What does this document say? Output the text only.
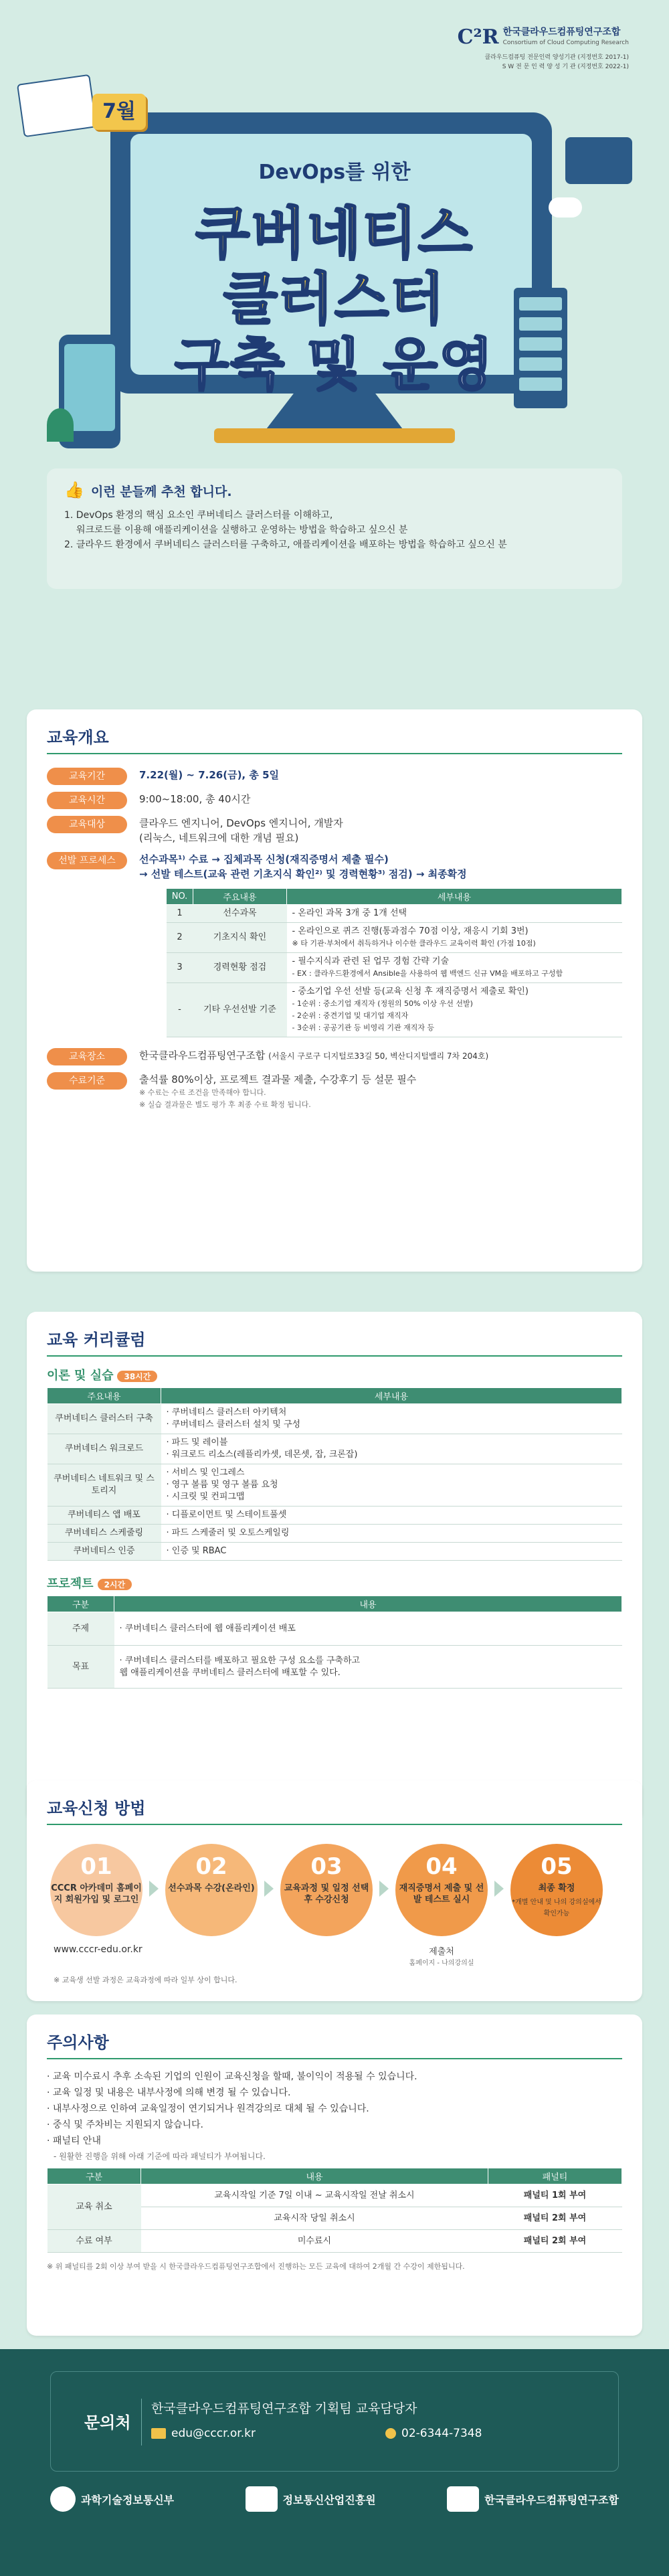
C²R 한국클라우드컴퓨팅연구조합
Consortium of Cloud Computing Research
클라우드컴퓨팅 전문인력 양성기관 (지정번호 2017-1)
S W 전 문 인 력 양 성 기 관 (지정번호 2022-1)
7월
DevOps를 위한
쿠버네티스
클러스터
구축 및 운영
👍 이런 분들께 추천 합니다.

1. DevOps 환경의 핵심 요소인 쿠버네티스 클러스터를 이해하고,

워크로드를 이용해 애플리케이션을 실행하고 운영하는 방법을 학습하고 싶으신 분

2. 클라우드 환경에서 쿠버네티스 클러스터를 구축하고, 애플리케이션을 배포하는 방법을 학습하고 싶으신 분

교육개요
교육기간	7.22(월) ~ 7.26(금), 총 5일
교육시간	9:00~18:00, 총 40시간
교육대상	클라우드 엔지니어, DevOps 엔지니어, 개발자
(리눅스, 네트워크에 대한 개념 필요)
선발 프로세스	선수과목¹⁾ 수료 → 집체과목 신청(재직증명서 제출 필수)
→ 선발 테스트(교육 관련 기초지식 확인²⁾ 및 경력현황³⁾ 점검) → 최종확정
NO.	주요내용	세부내용
1	선수과목	- 온라인 과목 3개 중 1개 선택

2	기초지식 확인	- 온라인으로 퀴즈 진행(통과점수 70점 이상, 재응시 기회 3번)
※ 타 기관·부처에서 취득하거나 이수한 클라우드 교육이력 확인 (가점 10점)

3	경력현황 점검	- 필수지식과 관련 된 업무 경험 간략 기술
- EX : 클라우드환경에서 Ansible을 사용하여 웹 백엔드 신규 VM을 배포하고 구성함

-	기타 우선선발 기준	- 중소기업 우선 선발 등(교육 신청 후 재직증명서 제출로 확인)
- 1순위 : 중소기업 재직자 (정원의 50% 이상 우선 선발)
- 2순위 : 중견기업 및 대기업 재직자
- 3순위 : 공공기관 등 비영리 기관 재직자 등
교육장소	한국클라우드컴퓨팅연구조합 (서울시 구로구 디지털로33길 50, 벽산디지털밸리 7차 204호)
수료기준	출석률 80%이상, 프로젝트 결과물 제출, 수강후기 등 설문 필수
※ 수료는 수료 조건을 만족해야 합니다.
※ 실습 결과물은 별도 평가 후 최종 수료 확정 됩니다.
교육 커리큘럼
이론 및 실습 38시간
주요내용	세부내용
쿠버네티스 클러스터 구축	· 쿠버네티스 클러스터 아키텍처
· 쿠버네티스 클러스터 설치 및 구성

쿠버네티스 워크로드	· 파드 및 레이블
· 워크로드 리소스(레플리카셋, 데몬셋, 잡, 크론잡)

쿠버네티스 네트워크 및 스토리지	· 서비스 및 인그레스
· 영구 볼륨 및 영구 볼륨 요청
· 시크릿 및 컨피그맵

쿠버네티스 앱 배포	· 디플로이먼트 및 스테이트풀셋

쿠버네티스 스케줄링	· 파드 스케줄러 및 오토스케일링

쿠버네티스 인증	· 인증 및 RBAC
프로젝트 2시간
구분	내용
주제	· 쿠버네티스 클러스터에 웹 애플리케이션 배포

목표	· 쿠버네티스 클러스터를 배포하고 필요한 구성 요소를 구축하고
웹 애플리케이션을 쿠버네티스 클러스터에 배포할 수 있다.
교육신청 방법
01
CCCR 아카데미 홈페이지 회원가입 및 로그인
02
선수과목 수강(온라인)
03
교육과정 및 일정 선택 후 수강신청
04
재직증명서 제출 및 선발 테스트 실시
05
최종 확정
*개별 안내 및 나의 강의실에서 확인가능
www.cccr-edu.or.kr	제출처
홈페이지 - 나의강의실
※ 교육생 선발 과정은 교육과정에 따라 일부 상이 합니다.
주의사항
· 교육 미수료시 추후 소속된 기업의 인원이 교육신청을 할때, 불이익이 적용될 수 있습니다.
· 교육 일정 및 내용은 내부사정에 의해 변경 될 수 있습니다.
· 내부사정으로 인하여 교육일정이 연기되거나 원격강의로 대체 될 수 있습니다.
· 중식 및 주차비는 지원되지 않습니다.
· 패널티 안내
- 원활한 진행을 위해 아래 기준에 따라 패널티가 부여됩니다.
구분	내용	패널티
교육 취소	교육시작일 기준 7일 이내 ~ 교육시작일 전날 취소시	패널티 1회 부여
	교육시작 당일 취소시	패널티 2회 부여
수료 여부	미수료시	패널티 2회 부여
※ 위 패널티를 2회 이상 부여 받을 시 한국클라우드컴퓨팅연구조합에서 진행하는 모든 교육에 대하여 2개월 간 수강이 제한됩니다.
문의처
한국클라우드컴퓨팅연구조합 기획팀 교육담당자
edu@cccr.or.kr	02-6344-7348
과학기술정보통신부	정보통신산업진흥원	한국클라우드컴퓨팅연구조합
